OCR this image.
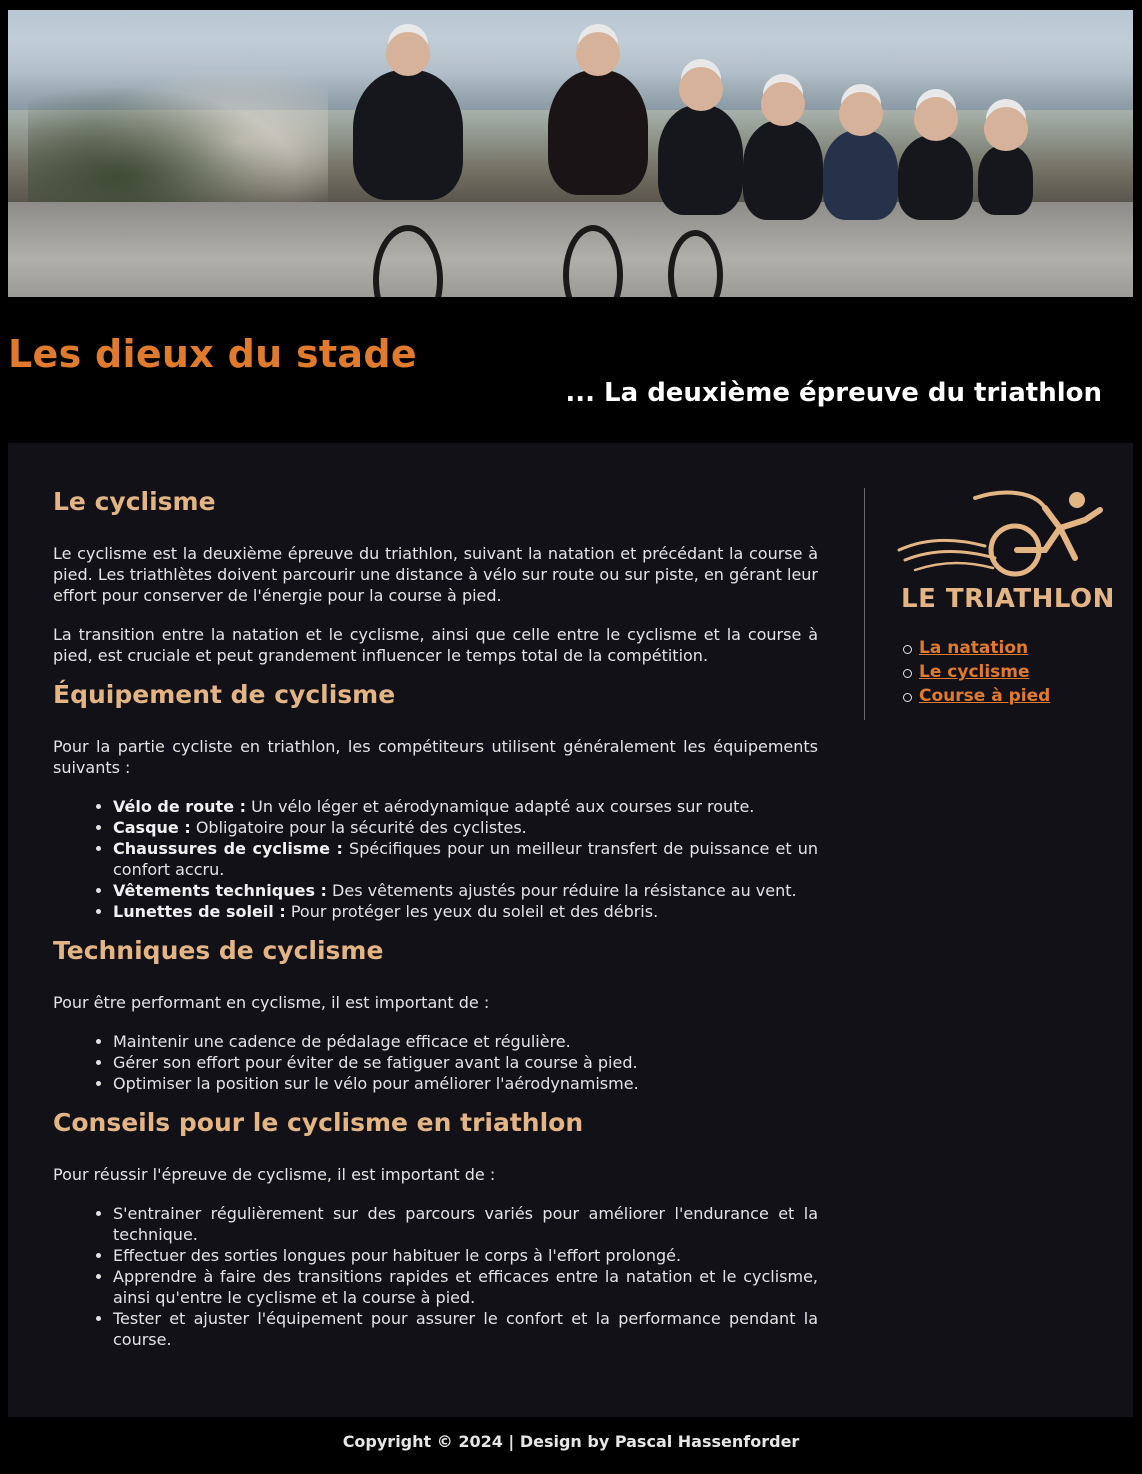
Les dieux du stade
... La deuxième épreuve du triathlon
Le cyclisme

Le cyclisme est la deuxième épreuve du triathlon, suivant la natation et précédant la course à pied. Les triathlètes doivent parcourir une distance à vélo sur route ou sur piste, en gérant leur effort pour conserver de l'énergie pour la course à pied.

La transition entre la natation et le cyclisme, ainsi que celle entre le cyclisme et la course à pied, est cruciale et peut grandement influencer le temps total de la compétition.

Équipement de cyclisme

Pour la partie cycliste en triathlon, les compétiteurs utilisent généralement les équipements suivants :

• Vélo de route : Un vélo léger et aérodynamique adapté aux courses sur route.
• Casque : Obligatoire pour la sécurité des cyclistes.
• Chaussures de cyclisme : Spécifiques pour un meilleur transfert de puissance et un confort accru.
• Vêtements techniques : Des vêtements ajustés pour réduire la résistance au vent.
• Lunettes de soleil : Pour protéger les yeux du soleil et des débris.
Techniques de cyclisme

Pour être performant en cyclisme, il est important de :

• Maintenir une cadence de pédalage efficace et régulière.
• Gérer son effort pour éviter de se fatiguer avant la course à pied.
• Optimiser la position sur le vélo pour améliorer l'aérodynamisme.
Conseils pour le cyclisme en triathlon

Pour réussir l'épreuve de cyclisme, il est important de :

• S'entrainer régulièrement sur des parcours variés pour améliorer l'endurance et la technique.
• Effectuer des sorties longues pour habituer le corps à l'effort prolongé.
• Apprendre à faire des transitions rapides et efficaces entre la natation et le cyclisme, ainsi qu'entre le cyclisme et la course à pied.
• Tester et ajuster l'équipement pour assurer le confort et la performance pendant la course.
LE TRIATHLON
La natation
Le cyclisme
Course à pied
Copyright © 2024 | Design by Pascal Hassenforder
